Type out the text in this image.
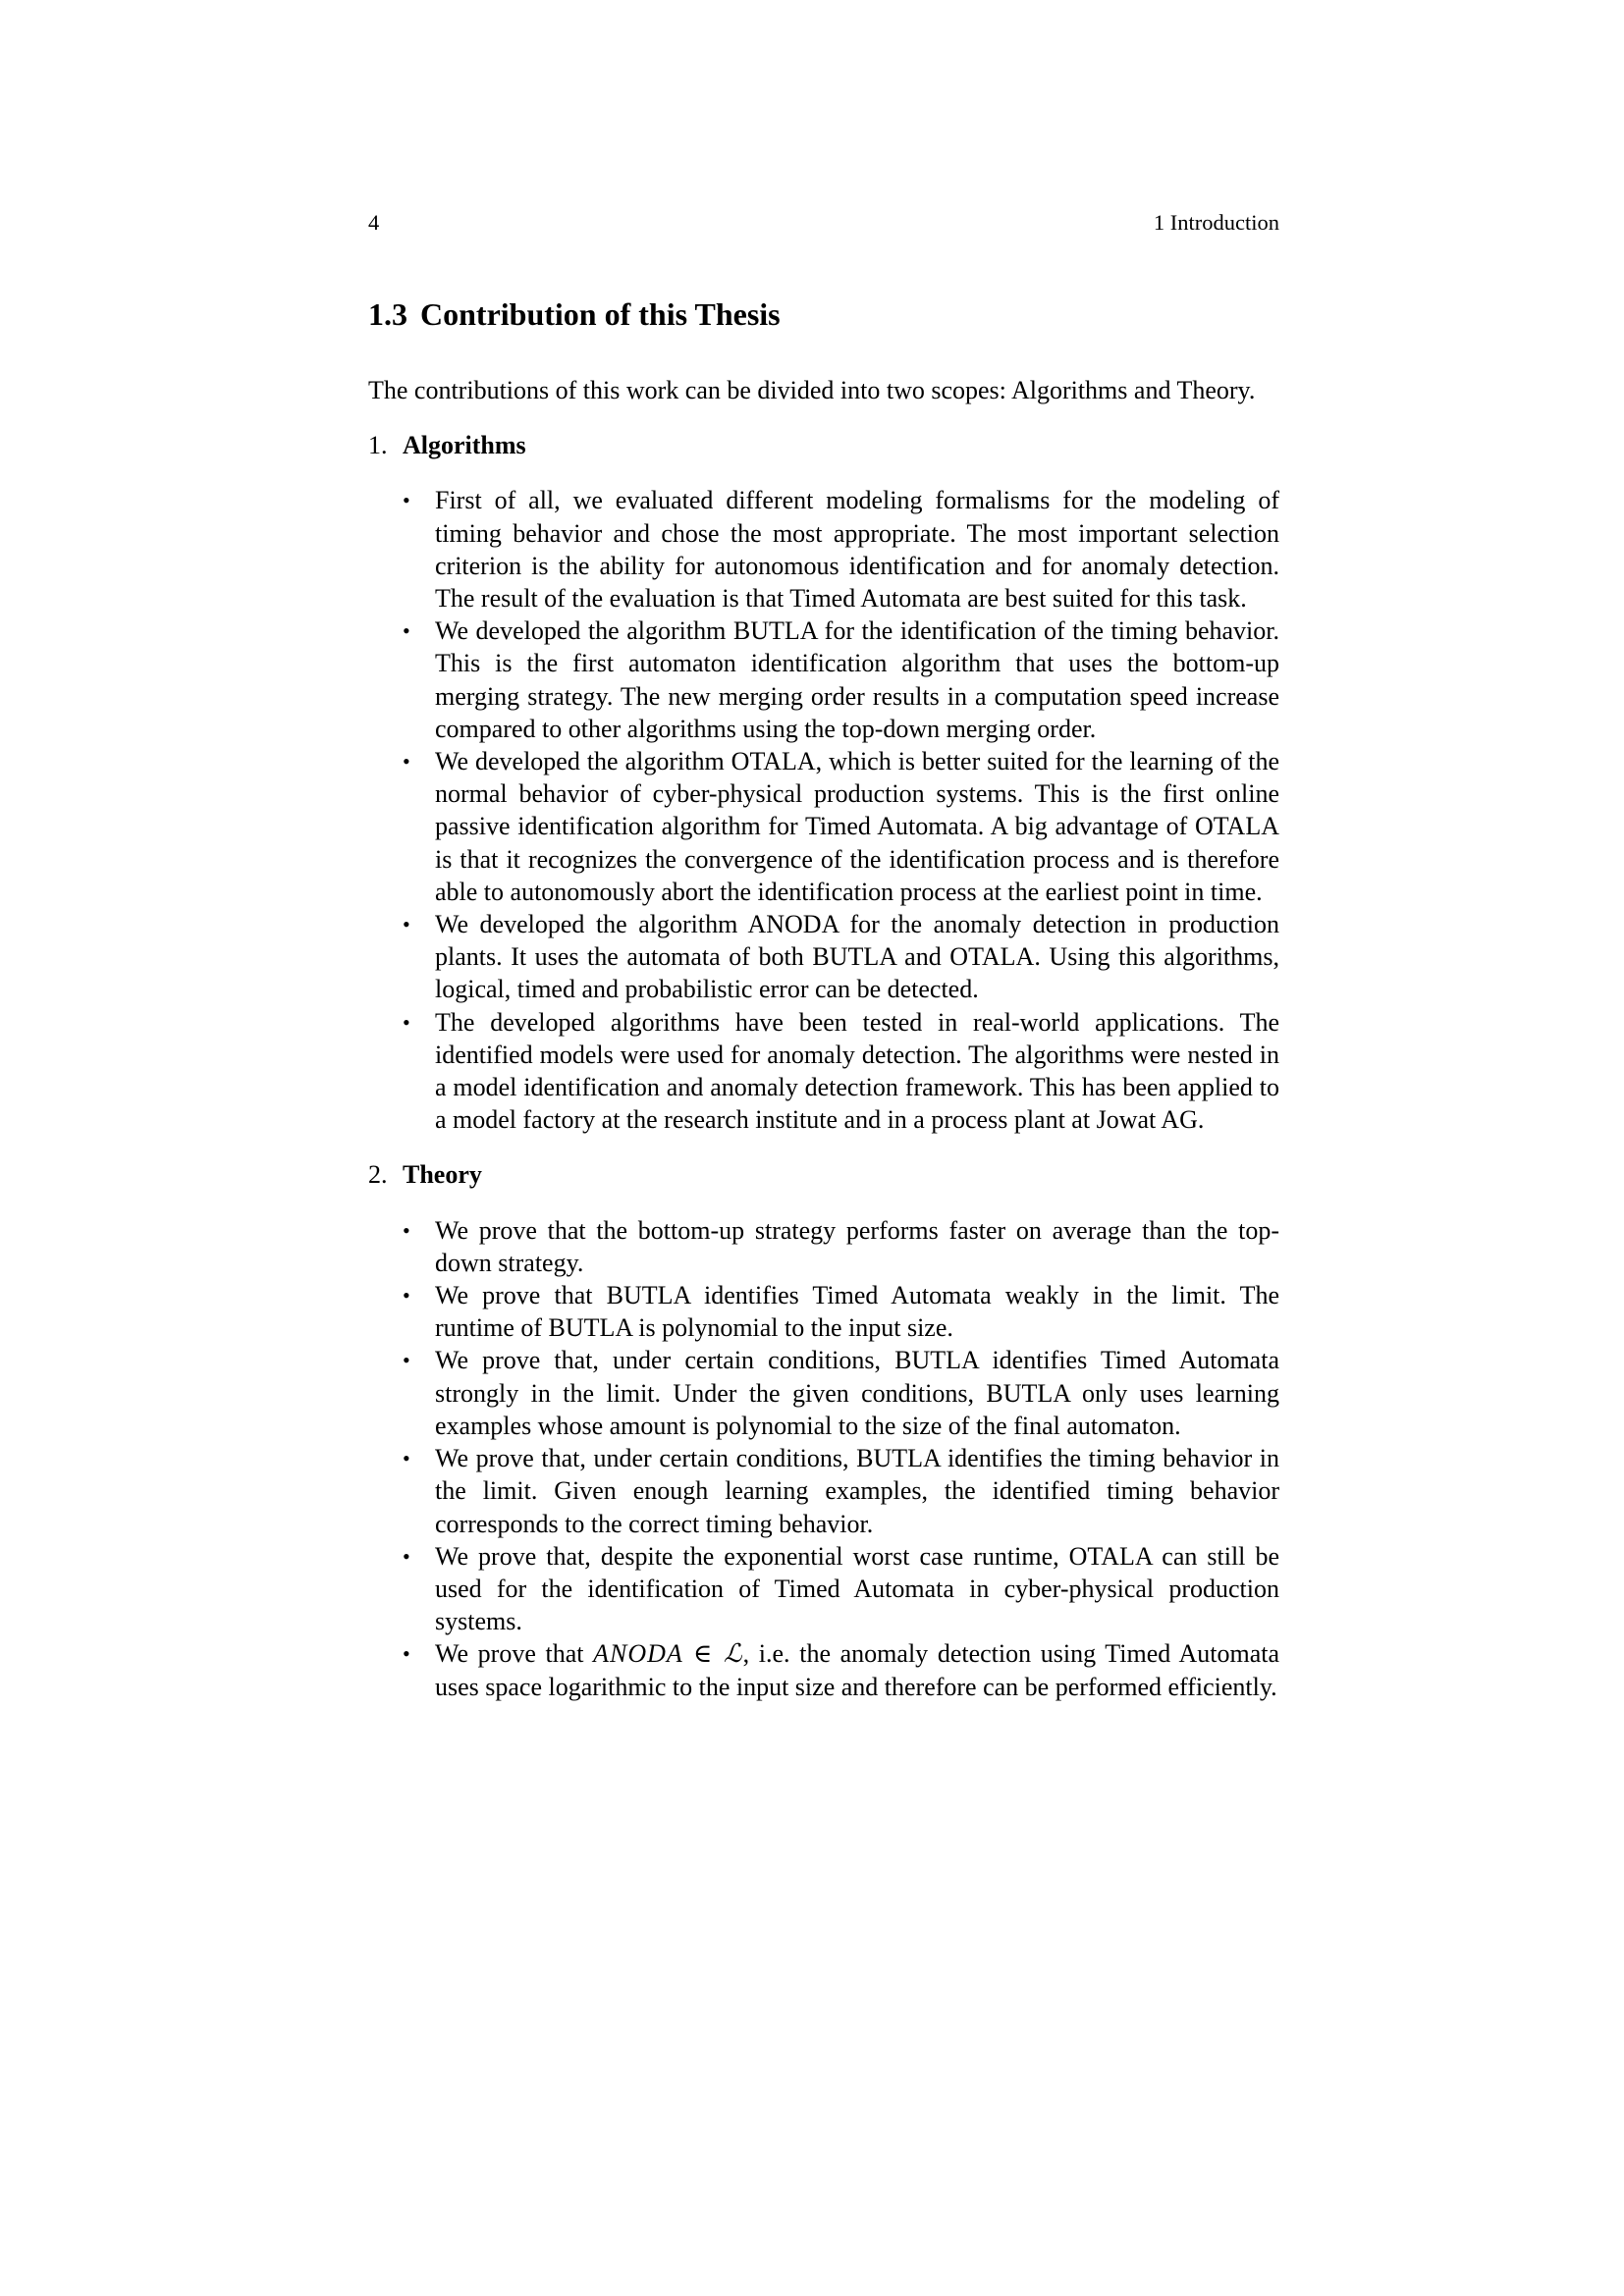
4	1 Introduction
1.3 Contribution of this Thesis

The contributions of this work can be divided into two scopes: Algorithms and Theory.

1. Algorithms
• First of all, we evaluated different modeling formalisms for the modeling of timing behavior and chose the most appropriate. The most important selection criterion is the ability for autonomous identification and for anomaly detection. The result of the evaluation is that Timed Automata are best suited for this task.
• We developed the algorithm BUTLA for the identification of the timing behavior. This is the first automaton identification algorithm that uses the bottom-up merging strategy. The new merging order results in a computation speed increase compared to other algorithms using the top-down merging order.
• We developed the algorithm OTALA, which is better suited for the learning of the normal behavior of cyber-physical production systems. This is the first online passive identification algorithm for Timed Automata. A big advantage of OTALA is that it recognizes the convergence of the identification process and is therefore able to autonomously abort the identification process at the earliest point in time.
• We developed the algorithm ANODA for the anomaly detection in production plants. It uses the automata of both BUTLA and OTALA. Using this algorithms, logical, timed and probabilistic error can be detected.
• The developed algorithms have been tested in real-world applications. The identified models were used for anomaly detection. The algorithms were nested in a model identification and anomaly detection framework. This has been applied to a model factory at the research institute and in a process plant at Jowat AG.
2. Theory
• We prove that the bottom-up strategy performs faster on average than the top-down strategy.
• We prove that BUTLA identifies Timed Automata weakly in the limit. The runtime of BUTLA is polynomial to the input size.
• We prove that, under certain conditions, BUTLA identifies Timed Automata strongly in the limit. Under the given conditions, BUTLA only uses learning examples whose amount is polynomial to the size of the final automaton.
• We prove that, under certain conditions, BUTLA identifies the timing behavior in the limit. Given enough learning examples, the identified timing behavior corresponds to the correct timing behavior.
• We prove that, despite the exponential worst case runtime, OTALA can still be used for the identification of Timed Automata in cyber-physical production systems.
• We prove that ANODA ∈ ℒ, i.e. the anomaly detection using Timed Automata uses space logarithmic to the input size and therefore can be performed efficiently.
